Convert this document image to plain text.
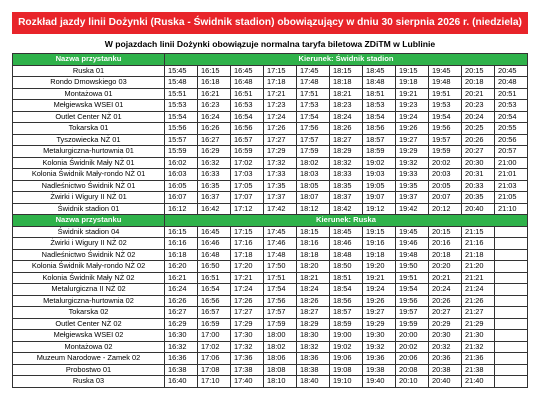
Rozkład jazdy linii Dożynki (Ruska - Świdnik stadion) obowiązujący w dniu 30 sierpnia 2026 r. (niedziela)
W pojazdach linii Dożynki obowiązuje normalna taryfa biletowa ZDiTM w Lublinie
Nazwa przystanku	Kierunek: Świdnik stadion										
Ruska 01	15:45	16:15	16:45	17:15	17:45	18:15	18:45	19:15	19:45	20:15	20:45
Rondo Dmowskiego 03	15:48	16:18	16:48	17:18	17:48	18:18	18:48	19:18	19:48	20:18	20:48
Montażowa 01	15:51	16:21	16:51	17:21	17:51	18:21	18:51	19:21	19:51	20:21	20:51
Mełgiewska WSEI 01	15:53	16:23	16:53	17:23	17:53	18:23	18:53	19:23	19:53	20:23	20:53
Outlet Center NŻ 01	15:54	16:24	16:54	17:24	17:54	18:24	18:54	19:24	19:54	20:24	20:54
Tokarska 01	15:56	16:26	16:56	17:26	17:56	18:26	18:56	19:26	19:56	20:25	20:55
Tyszowiecka NŻ 01	15:57	16:27	16:57	17:27	17:57	18:27	18:57	19:27	19:57	20:26	20:56
Metalurgiczna-hurtownia 01	15:59	16:29	16:59	17:29	17:59	18:29	18:59	19:29	19:59	20:27	20:57
Kolonia Świdnik Mały NŻ 01	16:02	16:32	17:02	17:32	18:02	18:32	19:02	19:32	20:02	20:30	21:00
Kolonia Świdnik Mały-rondo NŻ 01	16:03	16:33	17:03	17:33	18:03	18:33	19:03	19:33	20:03	20:31	21:01
Nadleśnictwo Świdnik NŻ 01	16:05	16:35	17:05	17:35	18:05	18:35	19:05	19:35	20:05	20:33	21:03
Żwirki i Wigury II NŻ 01	16:07	16:37	17:07	17:37	18:07	18:37	19:07	19:37	20:07	20:35	21:05
Świdnik stadion 01	16:12	16:42	17:12	17:42	18:12	18:42	19:12	19:42	20:12	20:40	21:10
Nazwa przystanku	Kierunek: Ruska										
Świdnik stadion 04	16:15	16:45	17:15	17:45	18:15	18:45	19:15	19:45	20:15	21:15	
Żwirki i Wigury II NŻ 02	16:16	16:46	17:16	17:46	18:16	18:46	19:16	19:46	20:16	21:16	
Nadleśnictwo Świdnik NŻ 02	16:18	16:48	17:18	17:48	18:18	18:48	19:18	19:48	20:18	21:18	
Kolonia Świdnik Mały-rondo NŻ 02	16:20	16:50	17:20	17:50	18:20	18:50	19:20	19:50	20:20	21:20	
Kolonia Świdnik Mały NŻ 02	16:21	16:51	17:21	17:51	18:21	18:51	19:21	19:51	20:21	21:21	
Metalurgiczna II NŻ 02	16:24	16:54	17:24	17:54	18:24	18:54	19:24	19:54	20:24	21:24	
Metalurgiczna-hurtownia 02	16:26	16:56	17:26	17:56	18:26	18:56	19:26	19:56	20:26	21:26	
Tokarska 02	16:27	16:57	17:27	17:57	18:27	18:57	19:27	19:57	20:27	21:27	
Outlet Center NŻ 02	16:29	16:59	17:29	17:59	18:29	18:59	19:29	19:59	20:29	21:29	
Mełgiewska WSEI 02	16:30	17:00	17:30	18:00	18:30	19:00	19:30	20:00	20:30	21:30	
Montażowa 02	16:32	17:02	17:32	18:02	18:32	19:02	19:32	20:02	20:32	21:32	
Muzeum Narodowe - Zamek 02	16:36	17:06	17:36	18:06	18:36	19:06	19:36	20:06	20:36	21:36	
Probostwo 01	16:38	17:08	17:38	18:08	18:38	19:08	19:38	20:08	20:38	21:38	
Ruska 03	16:40	17:10	17:40	18:10	18:40	19:10	19:40	20:10	20:40	21:40	
